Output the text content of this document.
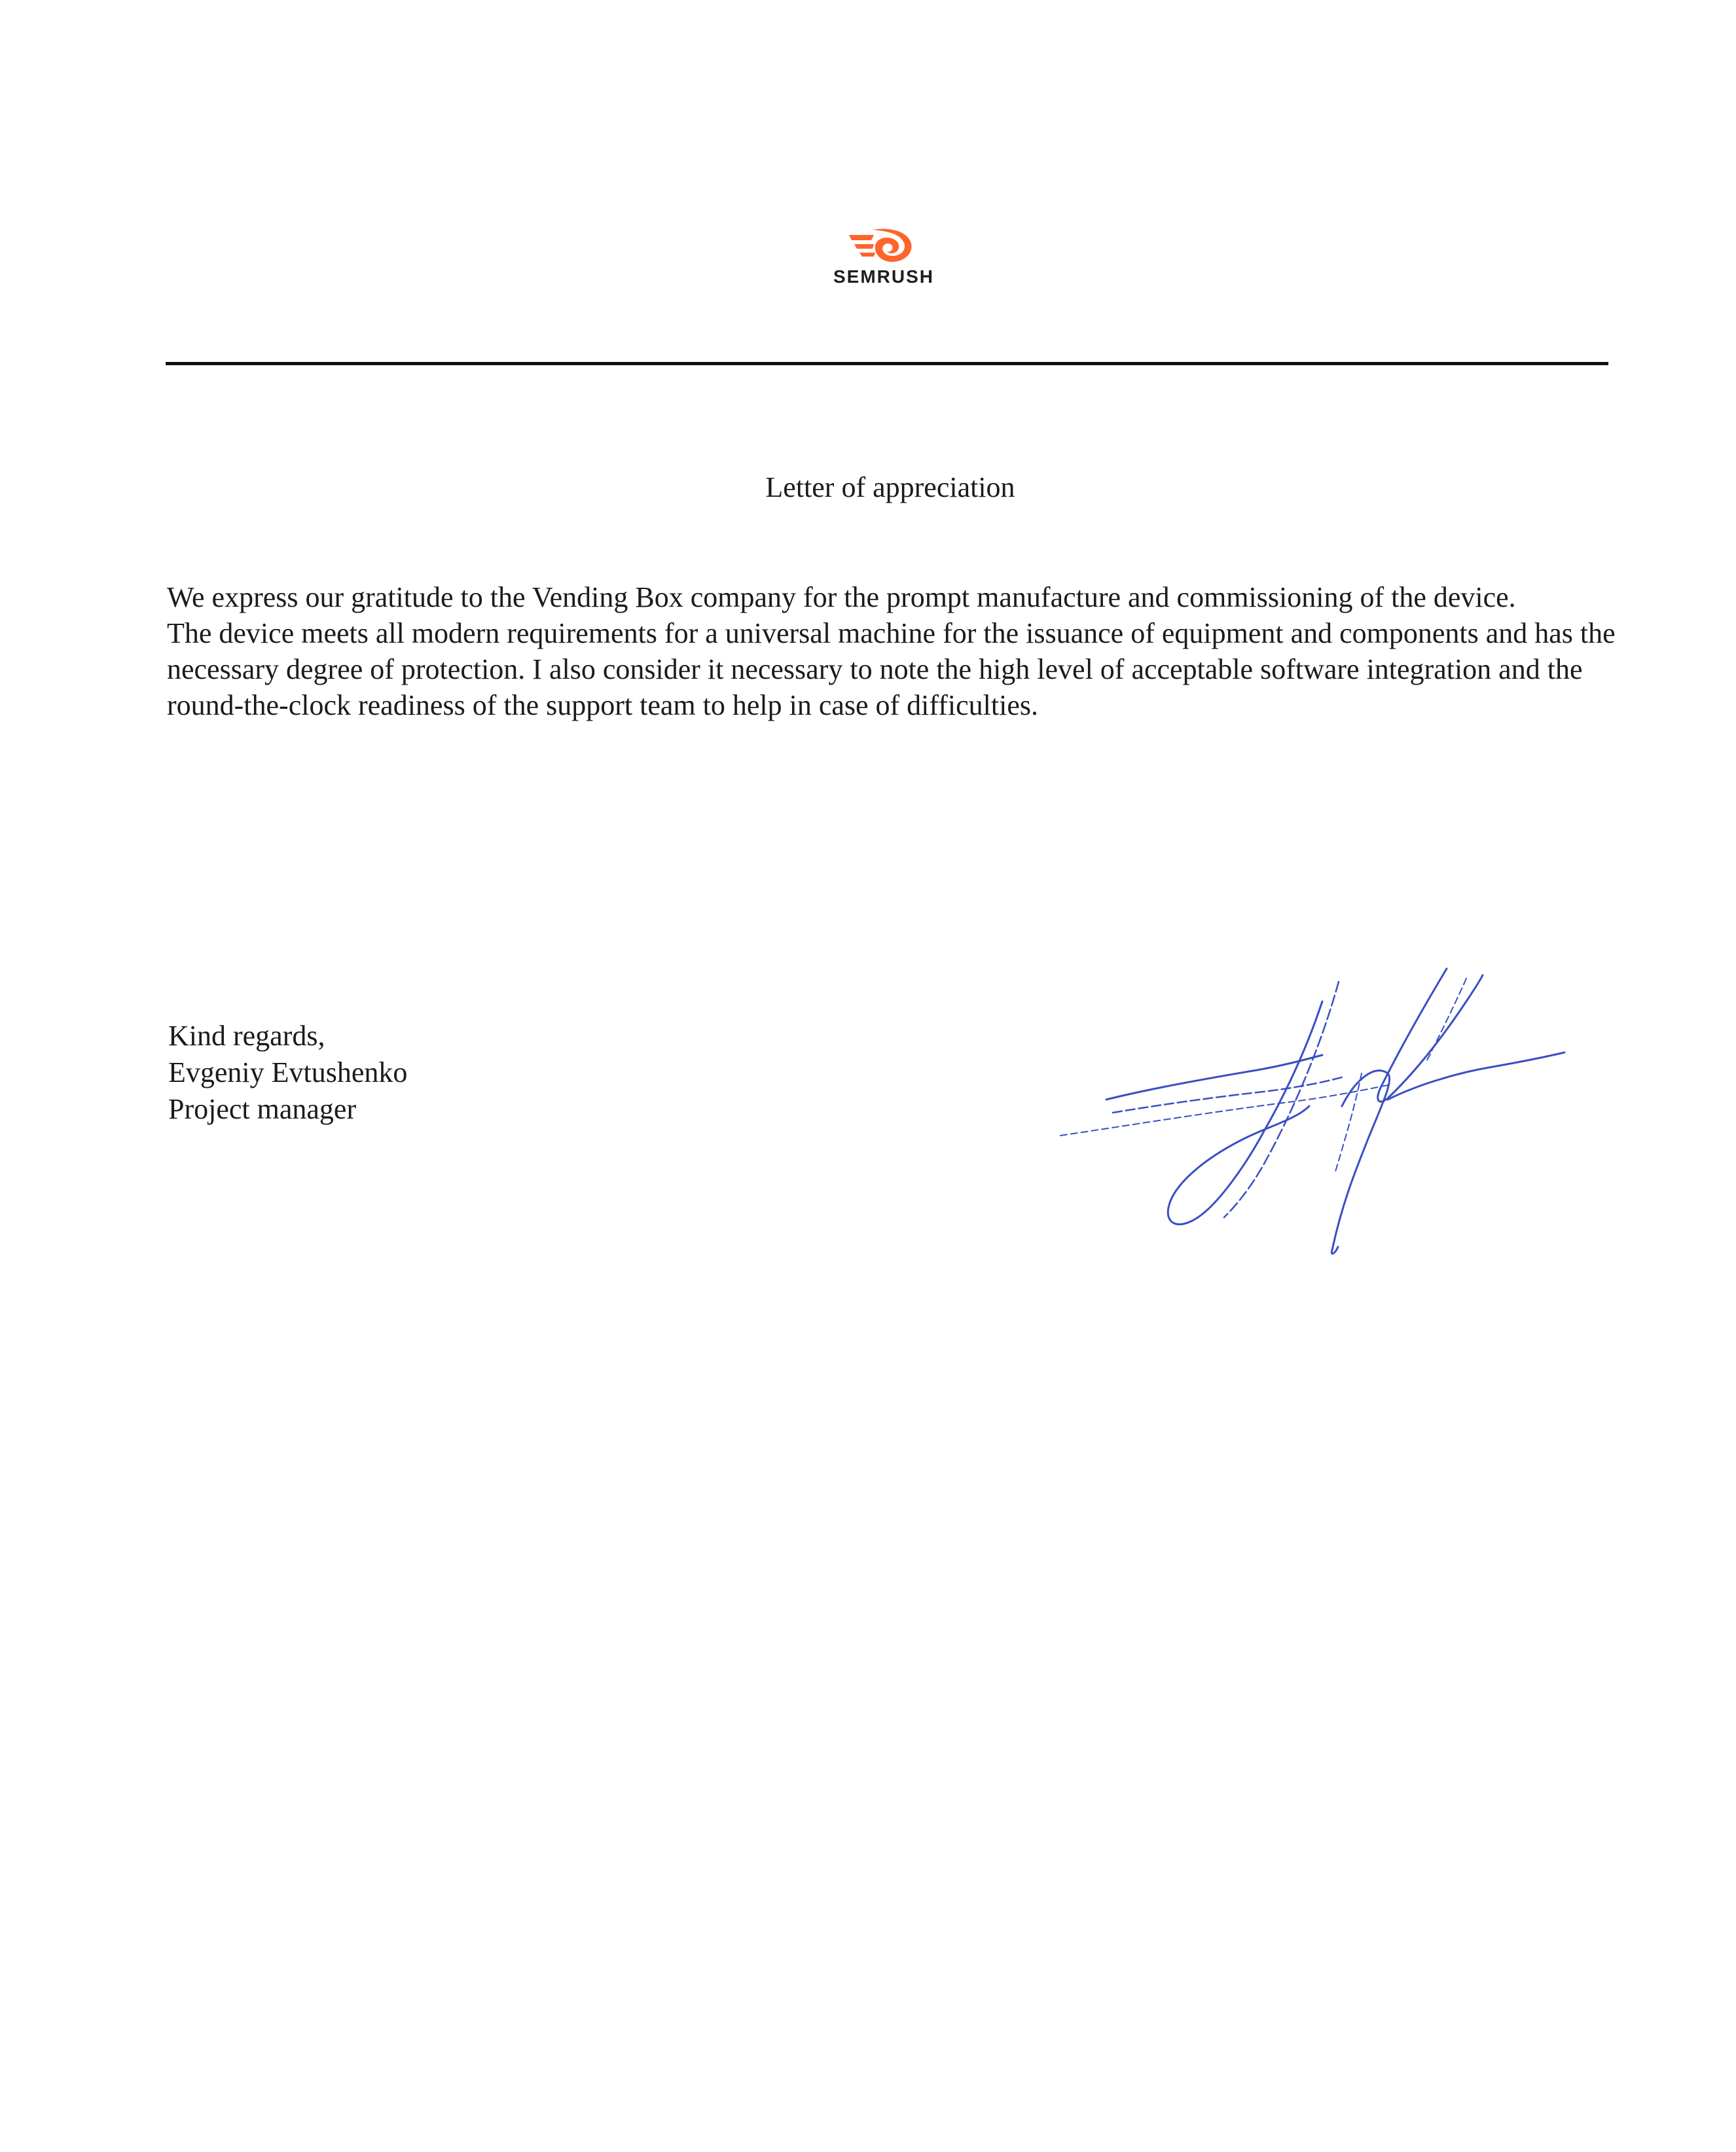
SEMRUSH
Letter of appreciation

We express our gratitude to the Vending Box company for the prompt manufacture and commissioning of the device.

The device meets all modern requirements for a universal machine for the issuance of equipment and components and has the necessary degree of protection. I also consider it necessary to note the high level of acceptable software integration and the round-the-clock readiness of the support team to help in case of difficulties.

Kind regards,
Evgeniy Evtushenko
Project manager
